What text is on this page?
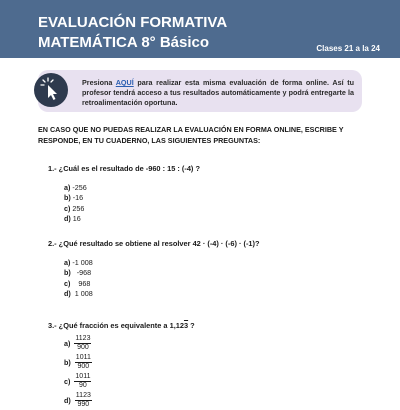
EVALUACIÓN FORMATIVA
MATEMÁTICA 8° Básico	Clases 21 a la 24
Presiona AQUÍ para realizar esta misma evaluación de forma online. Así tu profesor tendrá acceso a tus resultados automáticamente y podrá entregarte la retroalimentación oportuna.
EN CASO QUE NO PUEDAS REALIZAR LA EVALUACIÓN EN FORMA ONLINE, ESCRIBE Y RESPONDE, EN TU CUADERNO, LAS SIGUIENTES PREGUNTAS:
1.- ¿Cuál es el resultado de -960 : 15 : (-4) ?
a) -256
b) -16
c) 256
d) 16
2.- ¿Qué resultado se obtiene al resolver 42 · (-4) · (-6) · (-1)?
a) -1 008
b)   -968
c)    968
d)  1 008
3.- ¿Qué fracción es equivalente a 1,123 ?
$a) \frac{1123}{900}$
$b) \frac{1011}{900}$
$c) \frac{1011}{90}$
$d) \frac{1123}{990}$
